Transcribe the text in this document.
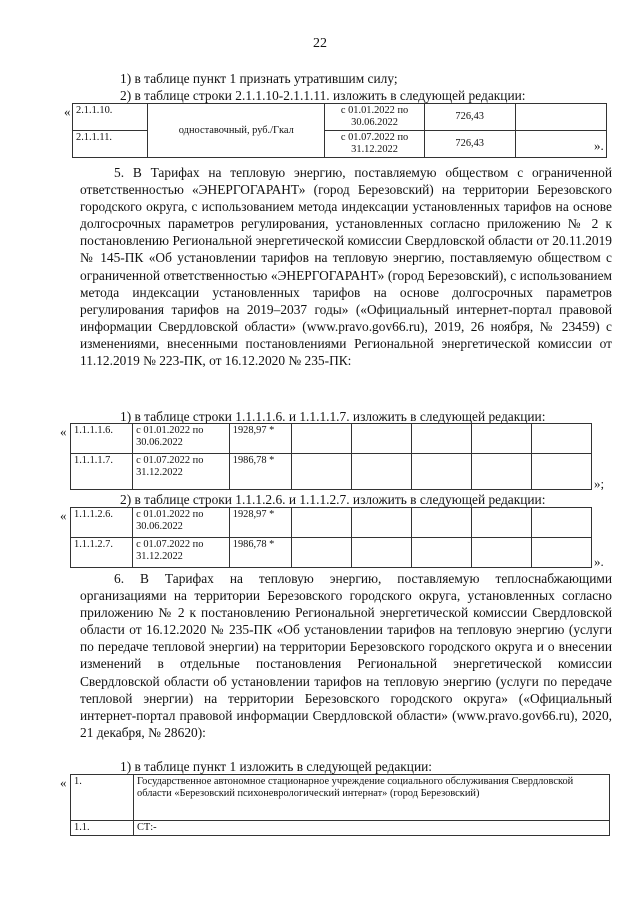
22
1) в таблице пункт 1 признать утратившим силу;
2) в таблице строки 2.1.1.10-2.1.1.11. изложить в следующей редакции:
« 2.1.1.10.	одноставочный, руб./Гкал	с 01.01.2022 по 30.06.2022	726,43	
2.1.1.11.		с 01.07.2022 по 31.12.2022	726,43		».

5. В Тарифах на тепловую энергию, поставляемую обществом с ограниченной ответственностью «ЭНЕРГОГАРАНТ» (город Березовский) на территории Березовского городского округа, с использованием метода индексации установленных тарифов на основе долгосрочных параметров регулирования, установленных согласно приложению № 2 к постановлению Региональной энергетической комиссии Свердловской области от 20.11.2019 № 145-ПК «Об установлении тарифов на тепловую энергию, поставляемую обществом с ограниченной ответственностью «ЭНЕРГОГАРАНТ» (город Березовский), с использованием метода индексации установленных тарифов на основе долгосрочных параметров регулирования тарифов на 2019–2037 годы» («Официальный интернет-портал правовой информации Свердловской области» (www.pravo.gov66.ru), 2019, 26 ноября, № 23459) с изменениями, внесенными постановлениями Региональной энергетической комиссии от 11.12.2019 № 223-ПК, от 16.12.2020 № 235-ПК:

1) в таблице строки 1.1.1.1.6. и 1.1.1.1.7. изложить в следующей редакции:
« 1.1.1.1.6.	с 01.01.2022 по 30.06.2022	1928,97 *					
1.1.1.1.7.	с 01.07.2022 по 31.12.2022	1986,78 *					
»;
2) в таблице строки 1.1.1.2.6. и 1.1.1.2.7. изложить в следующей редакции:
« 1.1.1.2.6.	с 01.01.2022 по 30.06.2022	1928,97 *					
1.1.1.2.7.	с 01.07.2022 по 31.12.2022	1986,78 *					
».

6. В Тарифах на тепловую энергию, поставляемую теплоснабжающими организациями на территории Березовского городского округа, установленных согласно приложению № 2 к постановлению Региональной энергетической комиссии Свердловской области от 16.12.2020 № 235-ПК «Об установлении тарифов на тепловую энергию (услуги по передаче тепловой энергии) на территории Березовского городского округа и о внесении изменений в отдельные постановления Региональной энергетической комиссии Свердловской области об установлении тарифов на тепловую энергию (услуги по передаче тепловой энергии) на территории Березовского городского округа» («Официальный интернет-портал правовой информации Свердловской области» (www.pravo.gov66.ru), 2020, 21 декабря, № 28620):

1) в таблице пункт 1 изложить в следующей редакции:
« 1.	Государственное автономное стационарное учреждение социального обслуживания Свердловской области «Березовский психоневрологический интернат» (город Березовский)
1.1.	СТ:-
